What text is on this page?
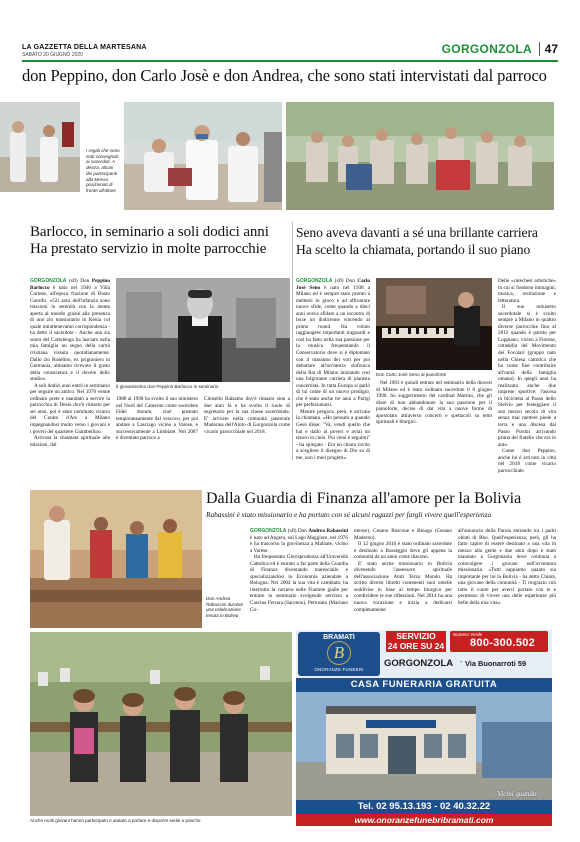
LA GAZZETTA DELLA MARTESANA
SABATO 20 GIUGNO 2020	GORGONZOLA	47
don Peppino, don Carlo Josè e don Andrea, che sono stati intervistati dal parroco
I regali che sono stati consegnati ai sacerdoti. A destra, alcuni dei partecipanti alla Messa posizionati di fronte all'altare
Barlocco, in seminario a soli dodici anni
Ha prestato servizio in molte parrocchie

GORGONZOLA (sfl) Don Peppino Barlocco è nato nel 1946 a Villa Cortese, all'epoca frazione di Busto Garolfo. «Gli anni dell'infanzia sono trascorsi in serenità con la mente aperta al mondo grazie alla presenza di uno zio missionario in Kenia col quale intrattenevamo corrispondenza - ha detto il sacerdote - Anche una zia suora del Cottolengo ha lasciato nella mia famiglia un segno della carità cristiana vissuta quotidianamente. Dallo zio Roselino, ex prigioniero in Germania, abbiamo ricevuto il gusto della conoscenza e il dovere dello studio».

A soli dodici anni entrò in seminario per seguire un amico. Nel 1970 venne ordinato prete e mandato a servire la parrocchia di Desio dov'è rimasto per sei anni, poi è stato nominato vicario del Curato d'Ars a Milano impegnandosi molto verso i giovani e i poveri del quartiere Giambellino.

Arrivata la chiamata spirituale alle missioni, dal

Il giovanissimo don Peppino Barlocco in seminario

1988 al 1998 ha svolto il suo ministero nel Nord del Camerun come sacerdote Fidei donum, cioè prestato temporaneamente dal vescovo, per poi andare a Casciago vicino a Varese, e successivamente a Limbiate. Nel 2007 è diventato parroco a

Cinisello Balsamo dov'è rimasto sino a due anni fa e ha svolto il ruolo di segretario per la sua classe sacerdotale. E' arrivato nella comunità pastorale Madonna dell'Aiuto di Gorgonzola come vicario parrocchiale nel 2018.

Seno aveva davanti a sé una brillante carriera
Ha scelto la chiamata, portando il suo piano

GORGONZOLA (sfl) Don Carlo Josè Seno è nato nel 1938 a Milano ed è sempre stato pronto a mettersi in gioco e ad affrontare nuove sfide, come quando a dieci anni aveva sfidato a un incontro di boxe un dodicenne vincendo al primo round. Ha voluto raggiungere importanti traguardi e così ha fatto nella sua passione per la musica frequentando il Conservatorio dove si è diplomato con il massimo dei voti per poi debuttare all'orchestra sinfonica della Rai di Milano iniziando così una folgorante carriera di pianista concertista. In tutta Europa si parlò di lui come di un nuovo prodigio, che è stato anche tre anni a Parigi per perfezionarsi.

Mentre pregava, però, è arrivata la chiamata. «Ho pensato a quando Gesù disse: "Va, vendi quello che hai e dallo ai poveri e avrai un tesoro in cielo. Poi vieni e seguimi" - ha spiegato - Era un chiaro invito a scegliere il disegno di Dio su di me, non i miei progetti».

Don Carlo Josè Seno al pianoforte

Nel 1983 è quindi entrato nel seminario della diocesi di Milano ed è stato ordinato sacerdote il 8 giugno 1990. Su suggerimento del cardinal Martini, che gli disse di non abbandonare la sua passione per il pianoforte, decise di dar vita a nuove forme di apostolato attraverso concerti e spettacoli su temi spirituali e liturgici.

Delle «catechesi artistiche» in cui si fondono immagini, musica, recitazione e letteratura.

Il suo ministero sacerdotale si è svolto sempre a Milano in quattro diverse parrocchie fino al 2012 quando è partito per Loppiano, vicino a Firenze, cittadella del Movimento dei Focolari (gruppo nato nella Chiesa cattolica che ha come fine contribuire all'unità della famiglia umana). In quegli anni ha realizzato anche due imprese sportive: l'ascesa in bicicletta al Passo dello Stelvio per festeggiare il suo mezzo secolo di vita senza mai mettere piede a terra e una discesa dal Passo Pordoi arrivando prima del fratello che era in auto.

Come don Peppino, anche lui è arrivato in città nel 2018 come vicario parrocchiale.

Don Andrea Rabassini durante una celebrazione tenuta in Bolivia
Dalla Guardia di Finanza all'amore per la Bolivia
Rabassini è stato missionario e ha portato con sé alcuni ragazzi per fargli vivere quell'esperienza

GORGONZOLA (sfl) Don Andrea Rabassini è nato ad Angera, sul Lago Maggiore, nel 1976 e ha trascorso la giovinezza a Malnate, vicino a Varese.

Ha frequentato Giurisprudenza all'Università Cattolica ed è entrato a far parte della Guardia di Finanza diventando maresciallo e specializzandosi in Economia aziendale a Bologna. Nel 2004 la sua vita è cambiata: ha interrotto la carriera nelle Fiamme gialle per entrare in seminario svolgendo servizio a Cascina Ferrara (Saronno), Pertusato (Mariano Co-

mense), Cesano Boscone e Binago (Cesano Maderno).

Il 12 giugno 2010 è stato ordinato sacerdote e destinato a Busseggio dove gli appena la comunità da un anno come diacono.

E' stato anche missionario in Bolivia divenendo l'assessore spirituale dell'associazione Atuti Terzo Mondo. Ha scritto diversi libretti contenenti suoi omelie suddivise in base al tempo liturgico per condividere le sue riflessioni. Nel 2014 ha una nuova vocazione e inizia a dedicarsi completamente

all'annuncio della Parola entrando tra i padri oblati di Rho. Quell'esperienza, però, gli ha fatto capire di essere destinato a una vita in mezzo alla gente e due anni dopo è stato mandato a Gorgonzola dove continua a coinvolgere i giovani nell'avventura missionaria. «Tutti sappiamo quanto sia importante per lui la Bolivia - ha detto Chiara, una giovane della comunità - Ti ringrazio con tutto il cuore per averci portato con te e permesso di vivere una delle esperienze più belle della mia vita».

Anche molti giovani hanno partecipato e aiutato a portare e disporre sedie e panche
BRAMATI
B
ONORANZE FUNEBRI
SERVIZIO
24 ORE SU 24
Numero Verde
800-300.502
GORGONZOLA - Via Buonarroti 59
CASA FUNERARIA GRATUITA
Vicini quando
Tel. 02 95.13.193 - 02 40.32.22
www.onoranzefunebribramati.com
